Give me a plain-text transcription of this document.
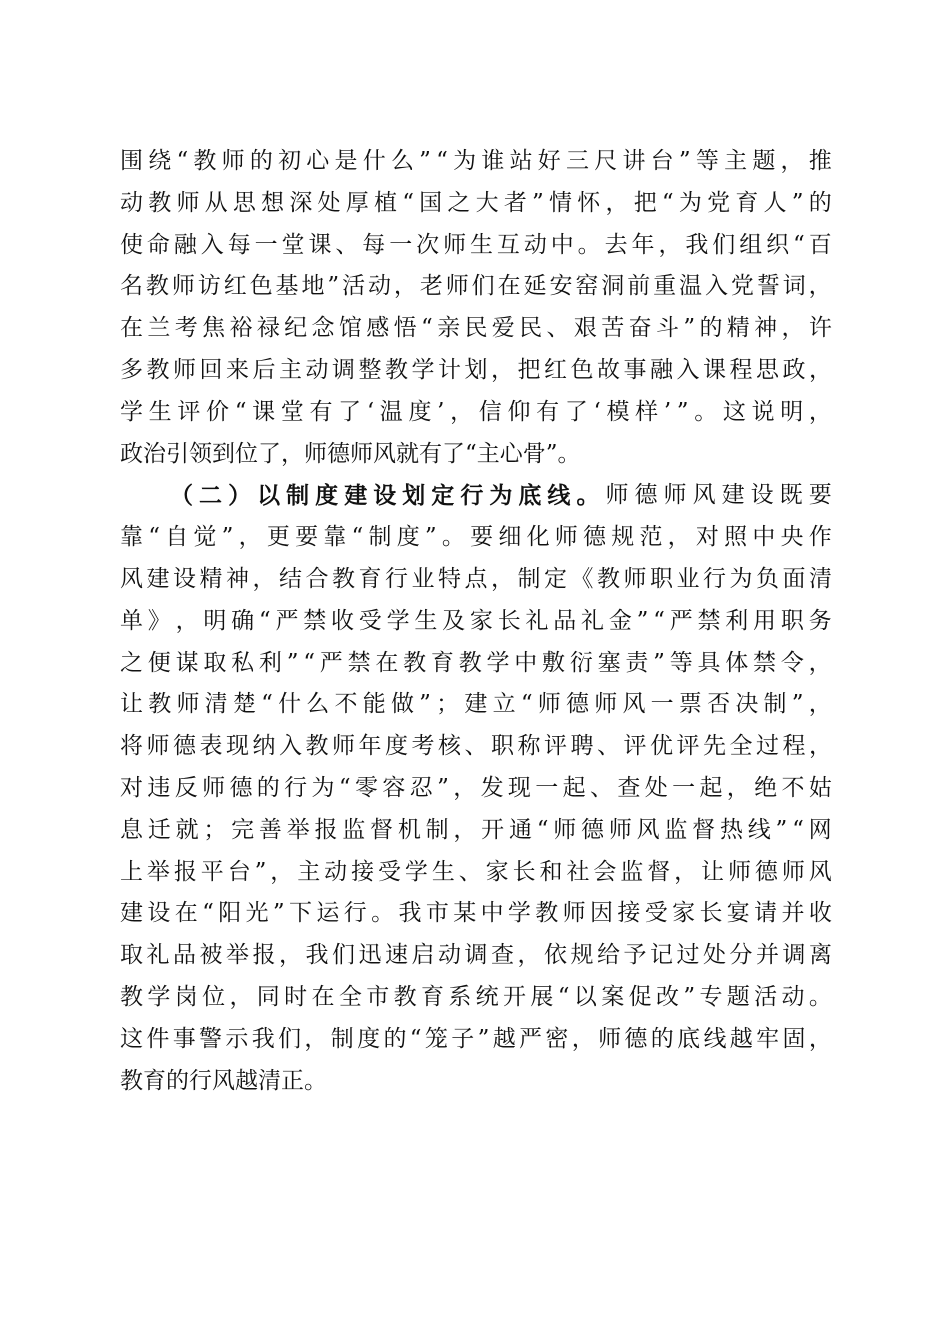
围 绕 “ 教 师 的 初 心 是 什 么 ” “ 为 谁 站 好 三 尺 讲 台 ” 等 主 题 ， 推
动 教 师 从 思 想 深 处 厚 植 “ 国 之 大 者 ” 情 怀 ， 把 “ 为 党 育 人 ” 的
使 命 融 入 每 一 堂 课 、 每 一 次 师 生 互 动 中 。 去 年 ， 我 们 组 织 “ 百
名 教 师 访 红 色 基 地 ” 活 动 ， 老 师 们 在 延 安 窑 洞 前 重 温 入 党 誓 词 ，
在 兰 考 焦 裕 禄 纪 念 馆 感 悟 “ 亲 民 爱 民 、 艰 苦 奋 斗 ” 的 精 神 ， 许
多 教 师 回 来 后 主 动 调 整 教 学 计 划 ， 把 红 色 故 事 融 入 课 程 思 政 ，
学 生 评 价 “ 课 堂 有 了 ‘ 温 度 ’ ， 信 仰 有 了 ‘ 模 样 ’ ” 。 这 说 明 ，
政 治 引 领 到 位 了 ， 师 德 师 风 就 有 了 “ 主 心 骨 ” 。
（ 二 ） 以 制 度 建 设 划 定 行 为 底 线 。 师 德 师 风 建 设 既 要
靠 “ 自 觉 ” ， 更 要 靠 “ 制 度 ” 。 要 细 化 师 德 规 范 ， 对 照 中 央 作
风 建 设 精 神 ， 结 合 教 育 行 业 特 点 ， 制 定 《 教 师 职 业 行 为 负 面 清
单 》 ， 明 确 “ 严 禁 收 受 学 生 及 家 长 礼 品 礼 金 ” “ 严 禁 利 用 职 务
之 便 谋 取 私 利 ” “ 严 禁 在 教 育 教 学 中 敷 衍 塞 责 ” 等 具 体 禁 令 ，
让 教 师 清 楚 “ 什 么 不 能 做 ” ； 建 立 “ 师 德 师 风 一 票 否 决 制 ” ，
将 师 德 表 现 纳 入 教 师 年 度 考 核 、 职 称 评 聘 、 评 优 评 先 全 过 程 ，
对 违 反 师 德 的 行 为 “ 零 容 忍 ” ， 发 现 一 起 、 查 处 一 起 ， 绝 不 姑
息 迁 就 ； 完 善 举 报 监 督 机 制 ， 开 通 “ 师 德 师 风 监 督 热 线 ” “ 网
上 举 报 平 台 ” ， 主 动 接 受 学 生 、 家 长 和 社 会 监 督 ， 让 师 德 师 风
建 设 在 “ 阳 光 ” 下 运 行 。 我 市 某 中 学 教 师 因 接 受 家 长 宴 请 并 收
取 礼 品 被 举 报 ， 我 们 迅 速 启 动 调 查 ， 依 规 给 予 记 过 处 分 并 调 离
教 学 岗 位 ， 同 时 在 全 市 教 育 系 统 开 展 “ 以 案 促 改 ” 专 题 活 动 。
这 件 事 警 示 我 们 ， 制 度 的 “ 笼 子 ” 越 严 密 ， 师 德 的 底 线 越 牢 固 ，
教 育 的 行 风 越 清 正 。
